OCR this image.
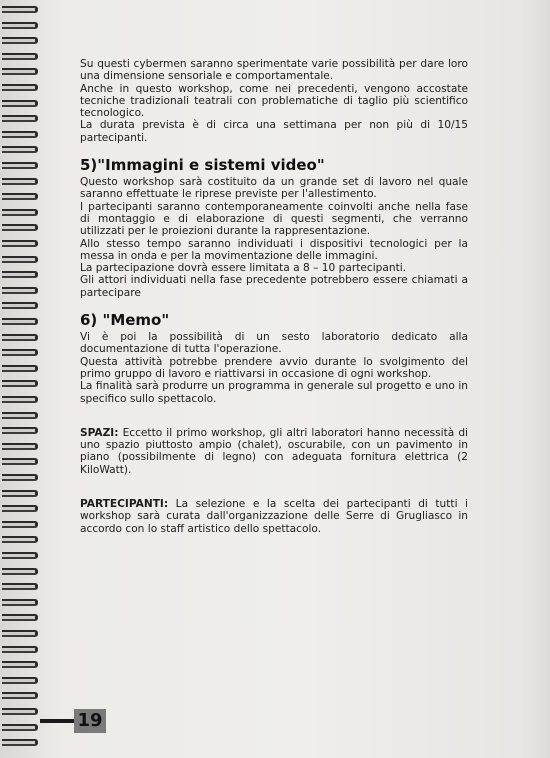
Su questi cybermen saranno sperimentate varie possibilità per dare loro una dimensione sensoriale e comportamentale.

Anche in questo workshop, come nei precedenti, vengono accostate tecniche tradizionali teatrali con problematiche di taglio più scientifico tecnologico.

La durata prevista è di circa una settimana per non più di 10/15 partecipanti.

5)"Immagini e sistemi video"

Questo workshop sarà costituito da un grande set di lavoro nel quale saranno effettuate le riprese previste per l'allestimento.

I partecipanti saranno contemporaneamente coinvolti anche nella fase di montaggio e di elaborazione di questi segmenti, che verranno utilizzati per le proiezioni durante la rappresentazione.

Allo stesso tempo saranno individuati i dispositivi tecnologici per la messa in onda e per la movimentazione delle immagini.

La partecipazione dovrà essere limitata a 8 – 10 partecipanti.

Gli attori individuati nella fase precedente potrebbero essere chiamati a partecipare

6) "Memo"

Vi è poi la possibilità di un sesto laboratorio dedicato alla documentazione di tutta l'operazione.

Questa attività potrebbe prendere avvio durante lo svolgimento del primo gruppo di lavoro e riattivarsi in occasione di ogni workshop.

La finalità sarà produrre un programma in generale sul progetto e uno in specifico sullo spettacolo.

SPAZI: Eccetto il primo workshop, gli altri laboratori hanno necessità di uno spazio piuttosto ampio (chalet), oscurabile, con un pavimento in piano (possibilmente di legno) con adeguata fornitura elettrica (2 KiloWatt).

PARTECIPANTI: La selezione e la scelta dei partecipanti di tutti i workshop sarà curata dall'organizzazione delle Serre di Grugliasco in accordo con lo staff artistico dello spettacolo.

19
